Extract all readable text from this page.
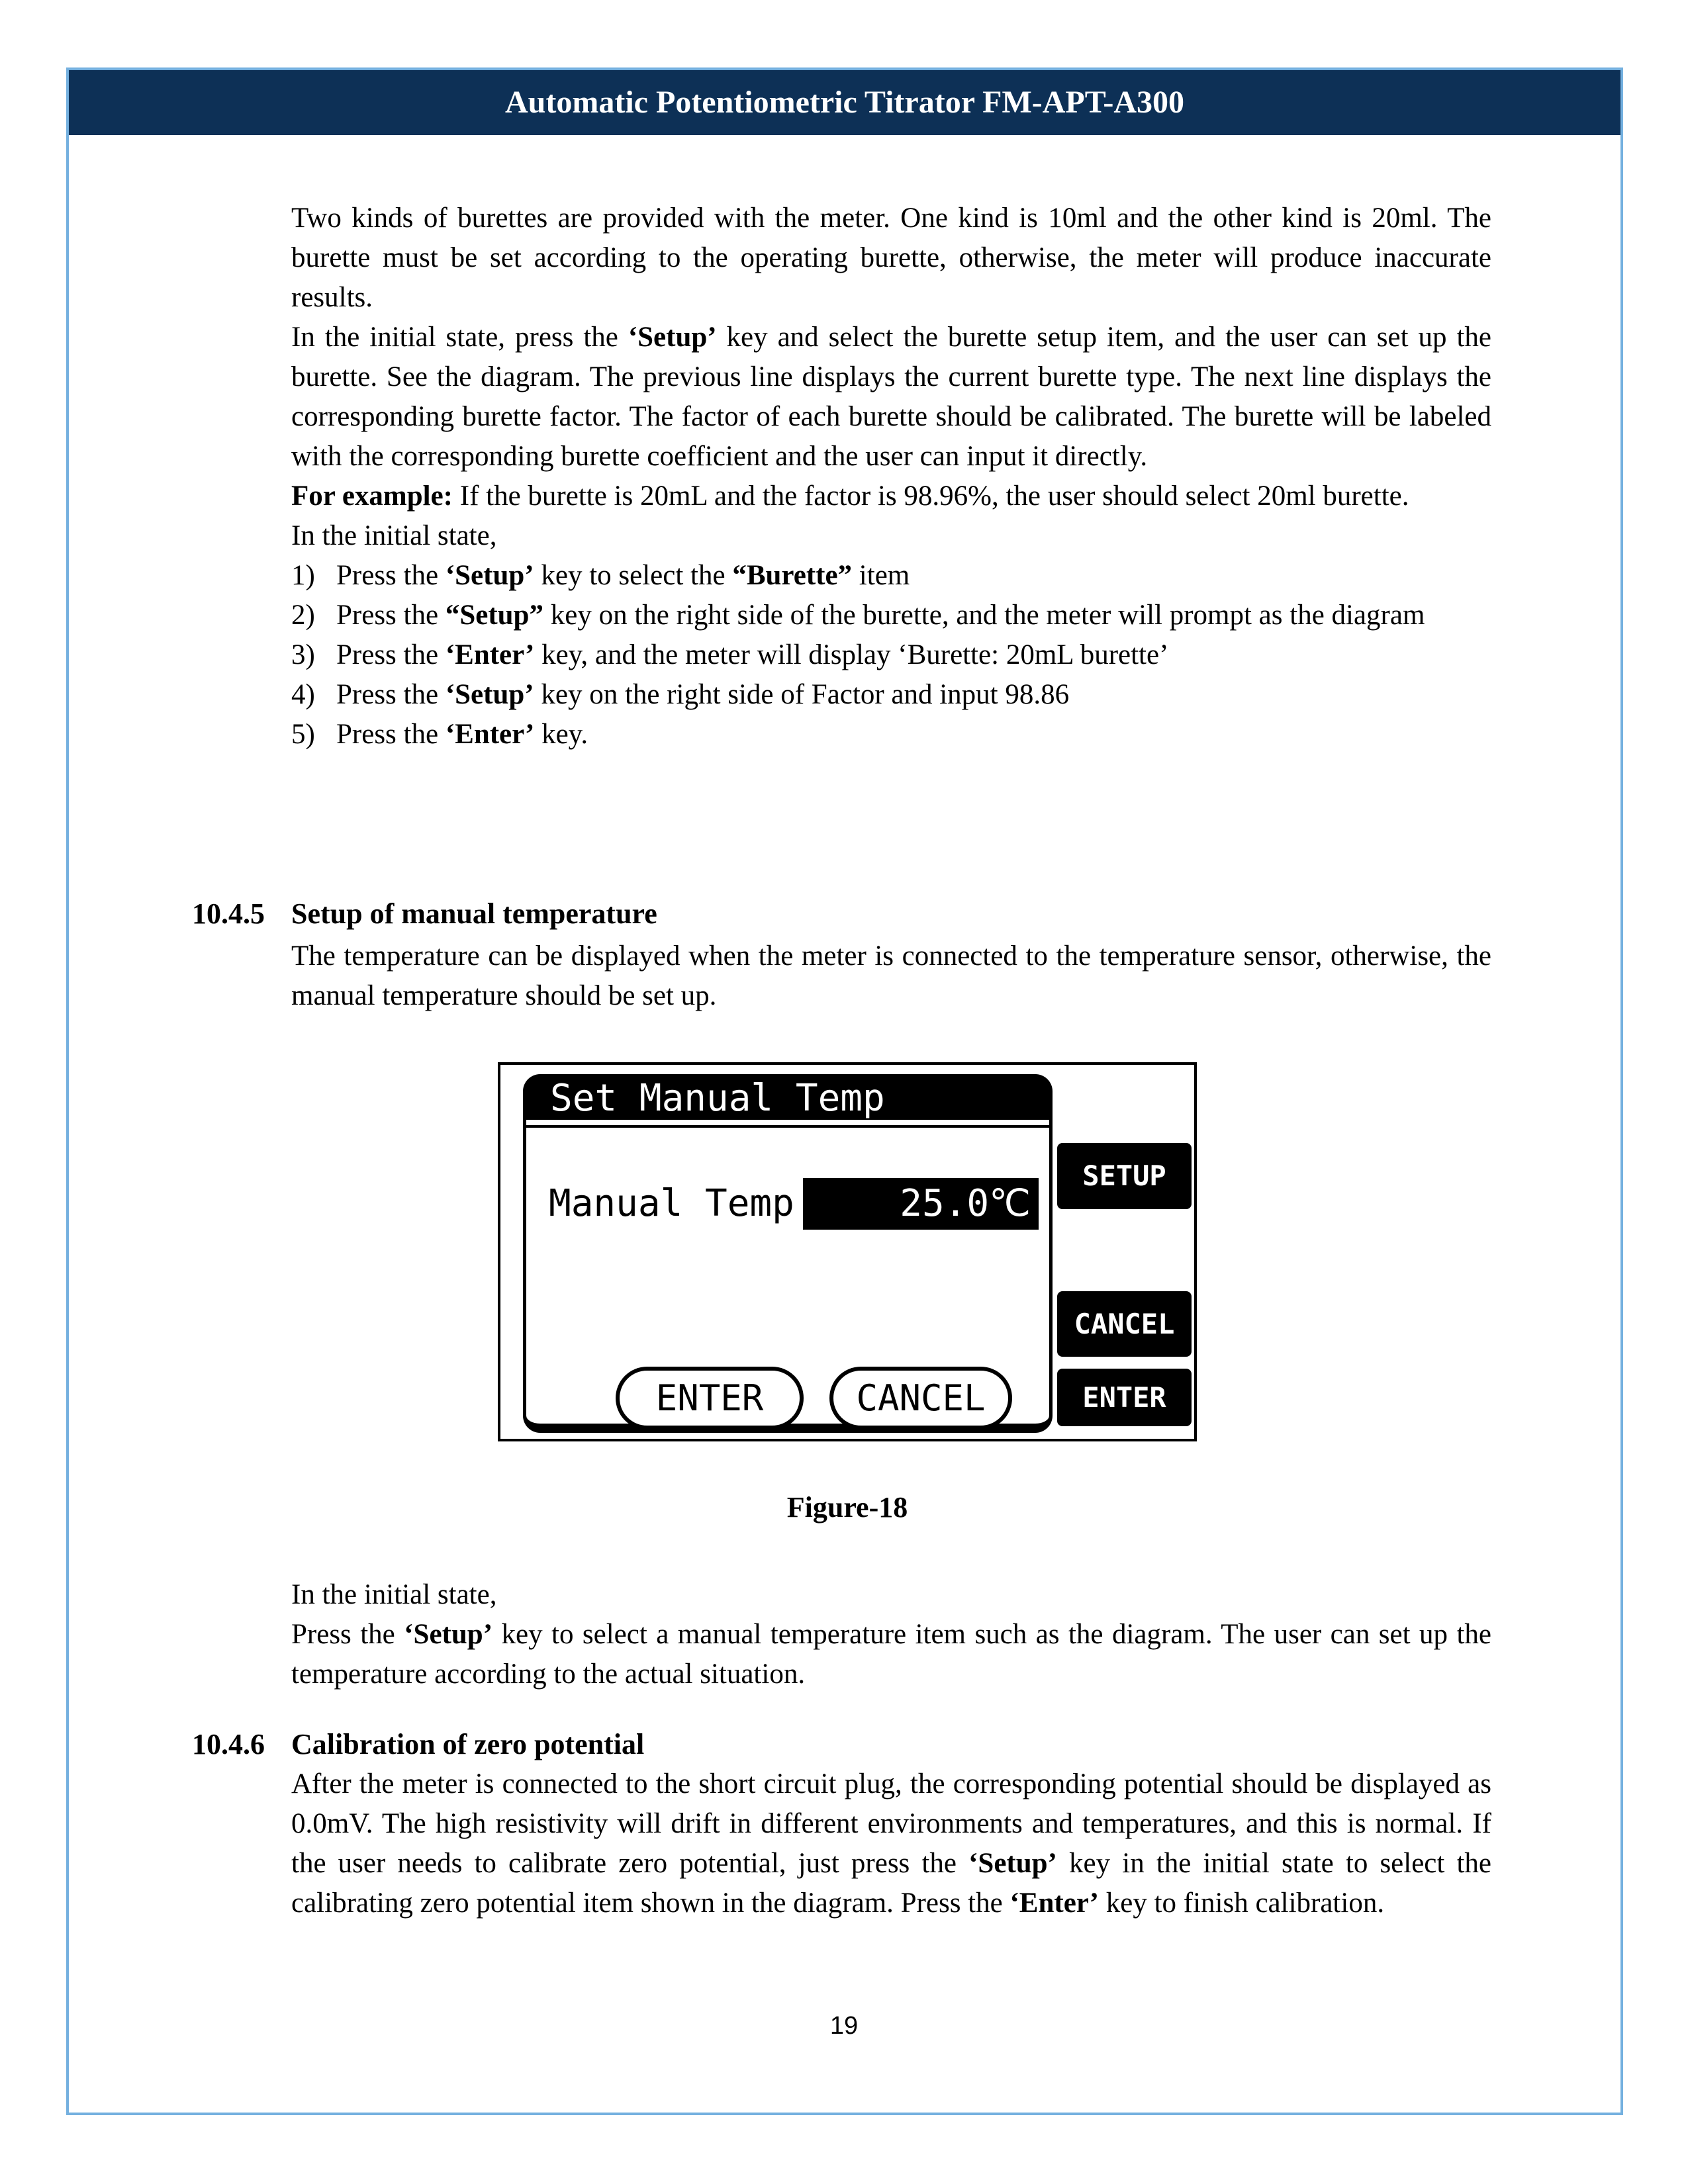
Automatic Potentiometric Titrator FM-APT-A300

Two kinds of burettes are provided with the meter. One kind is 10ml and the other kind is 20ml. The burette must be set according to the operating burette, otherwise, the meter will produce inaccurate results.

In the initial state, press the ‘Setup’ key and select the burette setup item, and the user can set up the burette. See the diagram. The previous line displays the current burette type. The next line displays the corresponding burette factor. The factor of each burette should be calibrated. The burette will be labeled with the corresponding burette coefficient and the user can input it directly.

For example: If the burette is 20mL and the factor is 98.96%, the user should select 20ml burette.

In the initial state,

1) Press the ‘Setup’ key to select the “Burette” item
2) Press the “Setup” key on the right side of the burette, and the meter will prompt as the diagram
3) Press the ‘Enter’ key, and the meter will display ‘Burette: 20mL burette’
4) Press the ‘Setup’ key on the right side of Factor and input 98.86
5) Press the ‘Enter’ key.
10.4.5 Setup of manual temperature

The temperature can be displayed when the meter is connected to the temperature sensor, otherwise, the manual temperature should be set up.

Set Manual Temp
Manual Temp	25.0℃
ENTER	CANCEL
SETUP
CANCEL
ENTER
Figure-18

In the initial state,

Press the ‘Setup’ key to select a manual temperature item such as the diagram. The user can set up the temperature according to the actual situation.

10.4.6 Calibration of zero potential

After the meter is connected to the short circuit plug, the corresponding potential should be displayed as 0.0mV. The high resistivity will drift in different environments and temperatures, and this is normal. If the user needs to calibrate zero potential, just press the ‘Setup’ key in the initial state to select the calibrating zero potential item shown in the diagram. Press the ‘Enter’ key to finish calibration.

19
